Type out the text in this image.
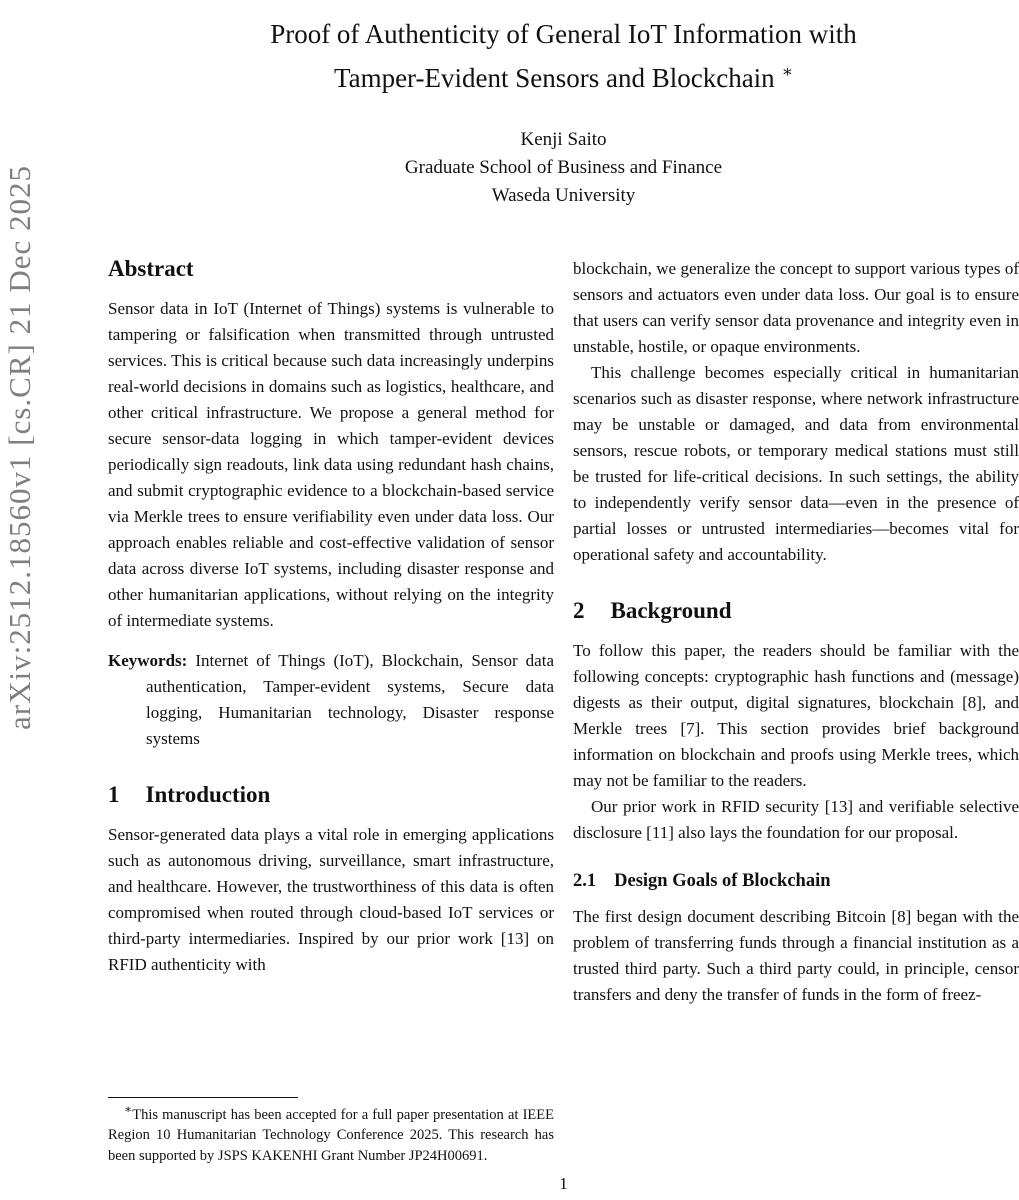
arXiv:2512.18560v1 [cs.CR] 21 Dec 2025
Proof of Authenticity of General IoT Information with
Tamper-Evident Sensors and Blockchain ∗
Kenji Saito
Graduate School of Business and Finance
Waseda University
Abstract

Sensor data in IoT (Internet of Things) systems is vulnerable to tampering or falsification when transmitted through untrusted services. This is critical because such data increasingly underpins real-world decisions in domains such as logistics, healthcare, and other critical infrastructure. We propose a general method for secure sensor-data logging in which tamper-evident devices periodically sign readouts, link data using redundant hash chains, and submit cryptographic evidence to a blockchain-based service via Merkle trees to ensure verifiability even under data loss. Our approach enables reliable and cost-effective validation of sensor data across diverse IoT systems, including disaster response and other humanitarian applications, without relying on the integrity of intermediate systems.

Keywords: Internet of Things (IoT), Blockchain, Sensor data authentication, Tamper-evident systems, Secure data logging, Humanitarian technology, Disaster response systems
1 Introduction

Sensor-generated data plays a vital role in emerging applications such as autonomous driving, surveillance, smart infrastructure, and healthcare. However, the trustworthiness of this data is often compromised when routed through cloud-based IoT services or third-party intermediaries. Inspired by our prior work [13] on RFID authenticity with

∗This manuscript has been accepted for a full paper presentation at IEEE Region 10 Humanitarian Technology Conference 2025. This research has been supported by JSPS KAKENHI Grant Number JP24H00691.

blockchain, we generalize the concept to support various types of sensors and actuators even under data loss. Our goal is to ensure that users can verify sensor data provenance and integrity even in unstable, hostile, or opaque environments.

This challenge becomes especially critical in humanitarian scenarios such as disaster response, where network infrastructure may be unstable or damaged, and data from environmental sensors, rescue robots, or temporary medical stations must still be trusted for life-critical decisions. In such settings, the ability to independently verify sensor data—even in the presence of partial losses or untrusted intermediaries—becomes vital for operational safety and accountability.

2 Background

To follow this paper, the readers should be familiar with the following concepts: cryptographic hash functions and (message) digests as their output, digital signatures, blockchain [8], and Merkle trees [7]. This section provides brief background information on blockchain and proofs using Merkle trees, which may not be familiar to the readers.

Our prior work in RFID security [13] and verifiable selective disclosure [11] also lays the foundation for our proposal.

2.1 Design Goals of Blockchain

The first design document describing Bitcoin [8] began with the problem of transferring funds through a financial institution as a trusted third party. Such a third party could, in principle, censor transfers and deny the transfer of funds in the form of freez-

1
